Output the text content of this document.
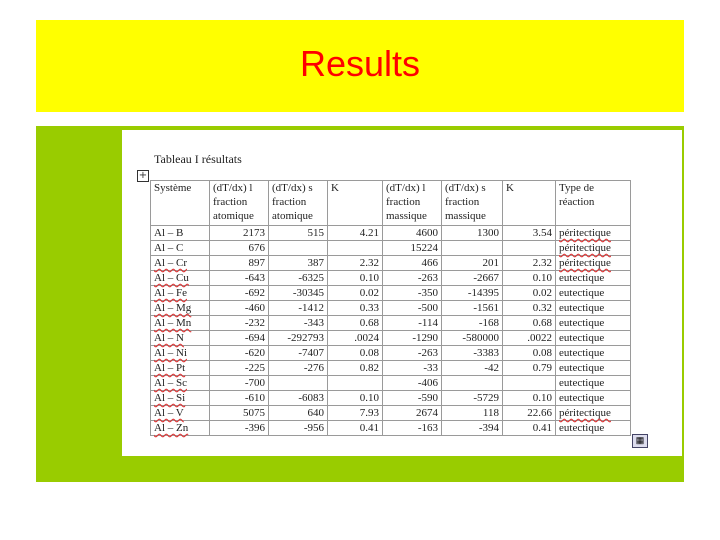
Results
Tableau I résultats
+
Système	(dT/dx) l
fraction
atomique	(dT/dx) s
fraction
atomique	K	(dT/dx) l
fraction
massique	(dT/dx) s
fraction
massique	K	Type de
réaction

Al – B	2173	515	4.21	4600	1300	3.54	péritectique
Al – C	676			15224			péritectique
Al – Cr	897	387	2.32	466	201	2.32	péritectique
Al – Cu	-643	-6325	0.10	-263	-2667	0.10	eutectique
Al – Fe	-692	-30345	0.02	-350	-14395	0.02	eutectique
Al – Mg	-460	-1412	0.33	-500	-1561	0.32	eutectique
Al – Mn	-232	-343	0.68	-114	-168	0.68	eutectique
Al – N	-694	-292793	.0024	-1290	-580000	.0022	eutectique
Al – Ni	-620	-7407	0.08	-263	-3383	0.08	eutectique
Al – Pt	-225	-276	0.82	-33	-42	0.79	eutectique
Al – Sc	-700			-406			eutectique
Al – Si	-610	-6083	0.10	-590	-5729	0.10	eutectique
Al – V	5075	640	7.93	2674	118	22.66	péritectique
Al – Zn	-396	-956	0.41	-163	-394	0.41	eutectique
▦
